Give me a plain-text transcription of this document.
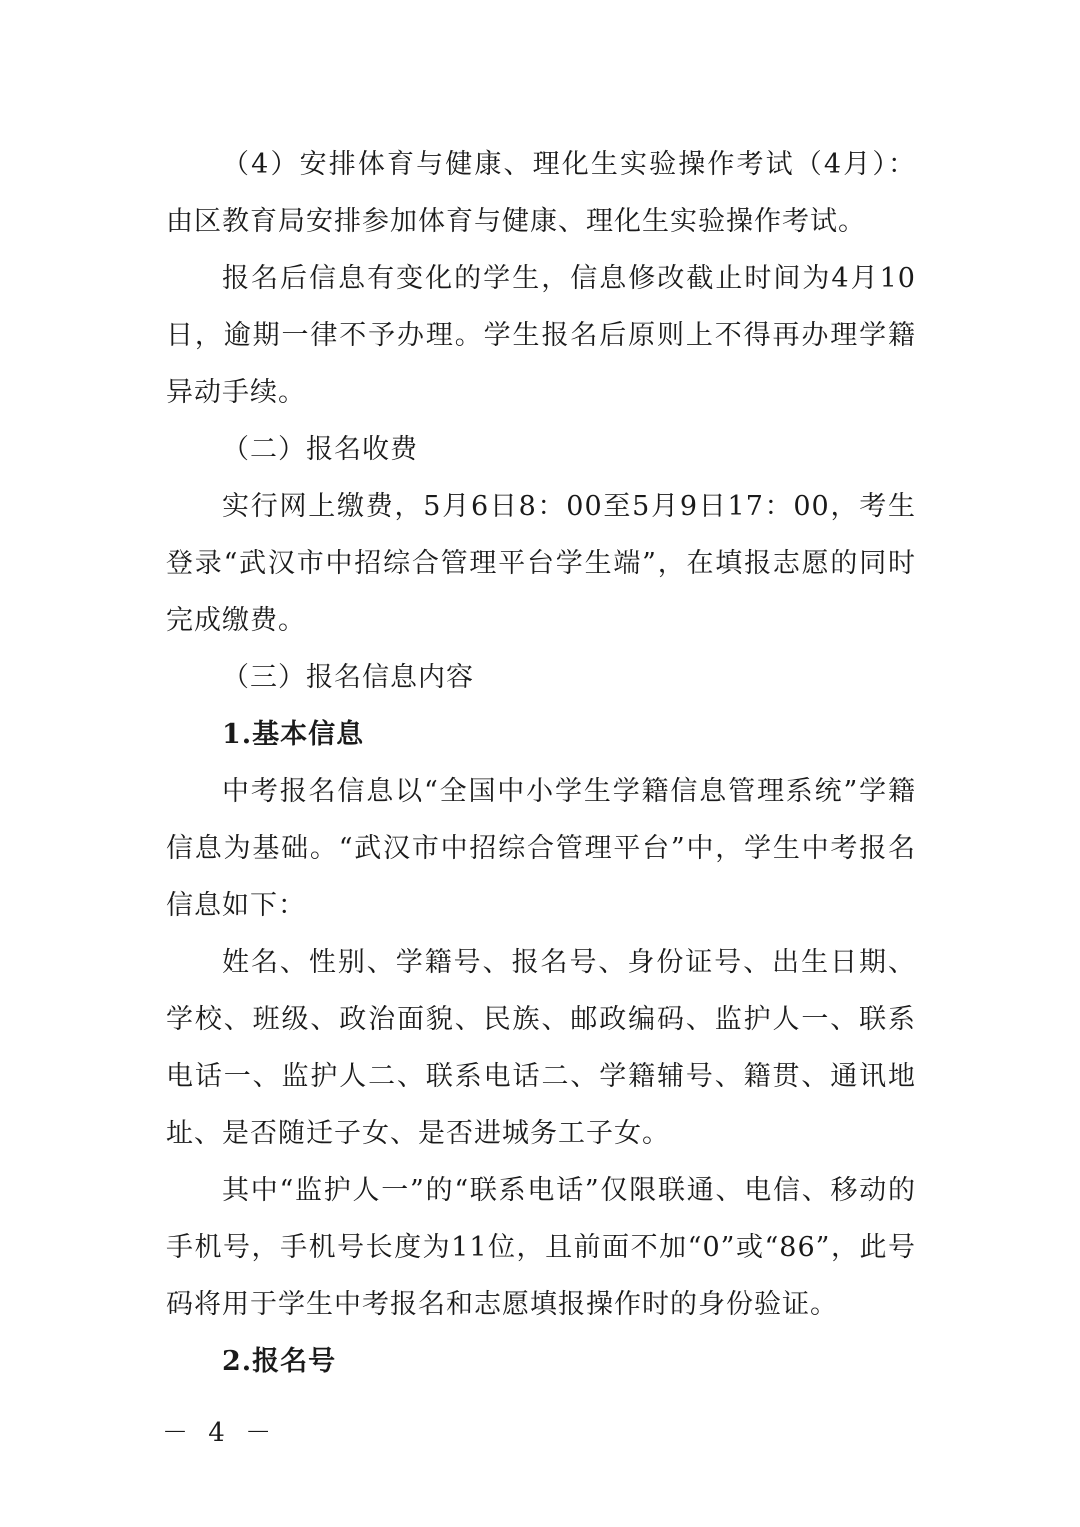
（4）安排体育与健康、理化生实验操作考试（4月）：由区教育局安排参加体育与健康、理化生实验操作考试。

报名后信息有变化的学生，信息修改截止时间为4月10日，逾期一律不予办理。学生报名后原则上不得再办理学籍异动手续。

（二）报名收费

实行网上缴费，5月6日8：00至5月9日17：00，考生登录“武汉市中招综合管理平台学生端”，在填报志愿的同时完成缴费。

（三）报名信息内容

1.基本信息

中考报名信息以“全国中小学生学籍信息管理系统”学籍信息为基础。“武汉市中招综合管理平台”中，学生中考报名信息如下：

姓名、性别、学籍号、报名号、身份证号、出生日期、学校、班级、政治面貌、民族、邮政编码、监护人一、联系电话一、监护人二、联系电话二、学籍辅号、籍贯、通讯地址、是否随迁子女、是否进城务工子女。

其中“监护人一”的“联系电话”仅限联通、电信、移动的手机号，手机号长度为11位，且前面不加“0”或“86”，此号码将用于学生中考报名和志愿填报操作时的身份验证。

2.报名号

－ 4 －
